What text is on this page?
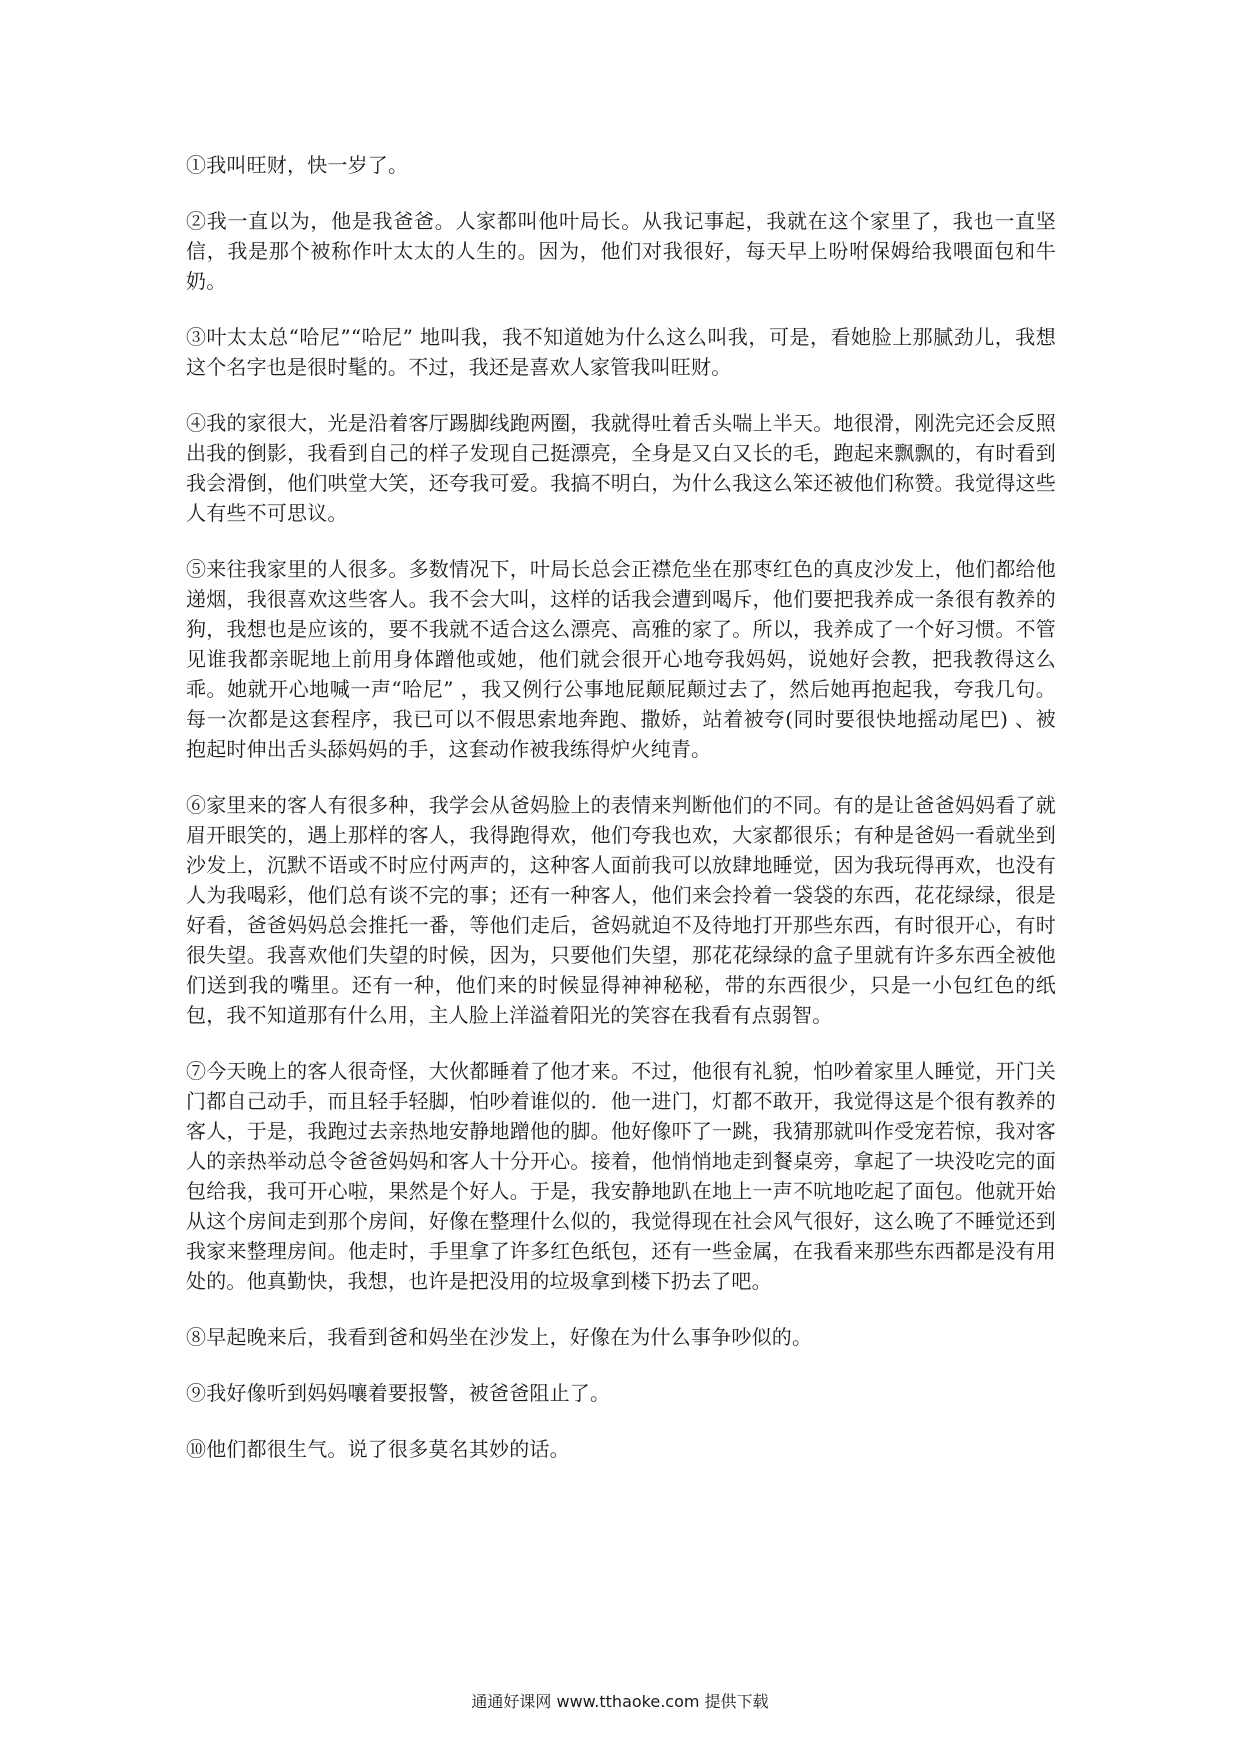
①我叫旺财，快一岁了。

②我一直以为，他是我爸爸。人家都叫他叶局长。从我记事起，我就在这个家里了，我也一直坚信，我是那个被称作叶太太的人生的。因为，他们对我很好，每天早上吩咐保姆给我喂面包和牛奶。

③叶太太总“哈尼”“哈尼” 地叫我，我不知道她为什么这么叫我，可是，看她脸上那腻劲儿，我想这个名字也是很时髦的。不过，我还是喜欢人家管我叫旺财。

④我的家很大，光是沿着客厅踢脚线跑两圈，我就得吐着舌头喘上半天。地很滑，刚洗完还会反照出我的倒影，我看到自己的样子发现自己挺漂亮，全身是又白又长的毛，跑起来飘飘的，有时看到我会滑倒，他们哄堂大笑，还夸我可爱。我搞不明白，为什么我这么笨还被他们称赞。我觉得这些人有些不可思议。

⑤来往我家里的人很多。多数情况下，叶局长总会正襟危坐在那枣红色的真皮沙发上，他们都给他递烟，我很喜欢这些客人。我不会大叫，这样的话我会遭到喝斥，他们要把我养成一条很有教养的狗，我想也是应该的，要不我就不适合这么漂亮、高雅的家了。所以，我养成了一个好习惯。不管见谁我都亲昵地上前用身体蹭他或她，他们就会很开心地夸我妈妈，说她好会教，把我教得这么乖。她就开心地喊一声“哈尼” ，我又例行公事地屁颠屁颠过去了，然后她再抱起我，夸我几句。每一次都是这套程序，我已可以不假思索地奔跑、撒娇，站着被夸(同时要很快地摇动尾巴) 、被抱起时伸出舌头舔妈妈的手，这套动作被我练得炉火纯青。

⑥家里来的客人有很多种，我学会从爸妈脸上的表情来判断他们的不同。有的是让爸爸妈妈看了就眉开眼笑的，遇上那样的客人，我得跑得欢，他们夸我也欢，大家都很乐；有种是爸妈一看就坐到沙发上，沉默不语或不时应付两声的，这种客人面前我可以放肆地睡觉，因为我玩得再欢，也没有人为我喝彩，他们总有谈不完的事；还有一种客人，他们来会拎着一袋袋的东西，花花绿绿，很是好看，爸爸妈妈总会推托一番，等他们走后，爸妈就迫不及待地打开那些东西，有时很开心，有时很失望。我喜欢他们失望的时候，因为，只要他们失望，那花花绿绿的盒子里就有许多东西全被他们送到我的嘴里。还有一种，他们来的时候显得神神秘秘，带的东西很少，只是一小包红色的纸包，我不知道那有什么用，主人脸上洋溢着阳光的笑容在我看有点弱智。

⑦今天晚上的客人很奇怪，大伙都睡着了他才来。不过，他很有礼貌，怕吵着家里人睡觉，开门关门都自己动手，而且轻手轻脚，怕吵着谁似的．他一进门，灯都不敢开，我觉得这是个很有教养的客人，于是，我跑过去亲热地安静地蹭他的脚。他好像吓了一跳，我猜那就叫作受宠若惊，我对客人的亲热举动总令爸爸妈妈和客人十分开心。接着，他悄悄地走到餐桌旁，拿起了一块没吃完的面包给我，我可开心啦，果然是个好人。于是，我安静地趴在地上一声不吭地吃起了面包。他就开始从这个房间走到那个房间，好像在整理什么似的，我觉得现在社会风气很好，这么晚了不睡觉还到我家来整理房间。他走时，手里拿了许多红色纸包，还有一些金属，在我看来那些东西都是没有用处的。他真勤快，我想，也许是把没用的垃圾拿到楼下扔去了吧。

⑧早起晚来后，我看到爸和妈坐在沙发上，好像在为什么事争吵似的。

⑨我好像听到妈妈嚷着要报警，被爸爸阻止了。

⑩他们都很生气。说了很多莫名其妙的话。

通通好课网 www.tthaoke.com 提供下载
